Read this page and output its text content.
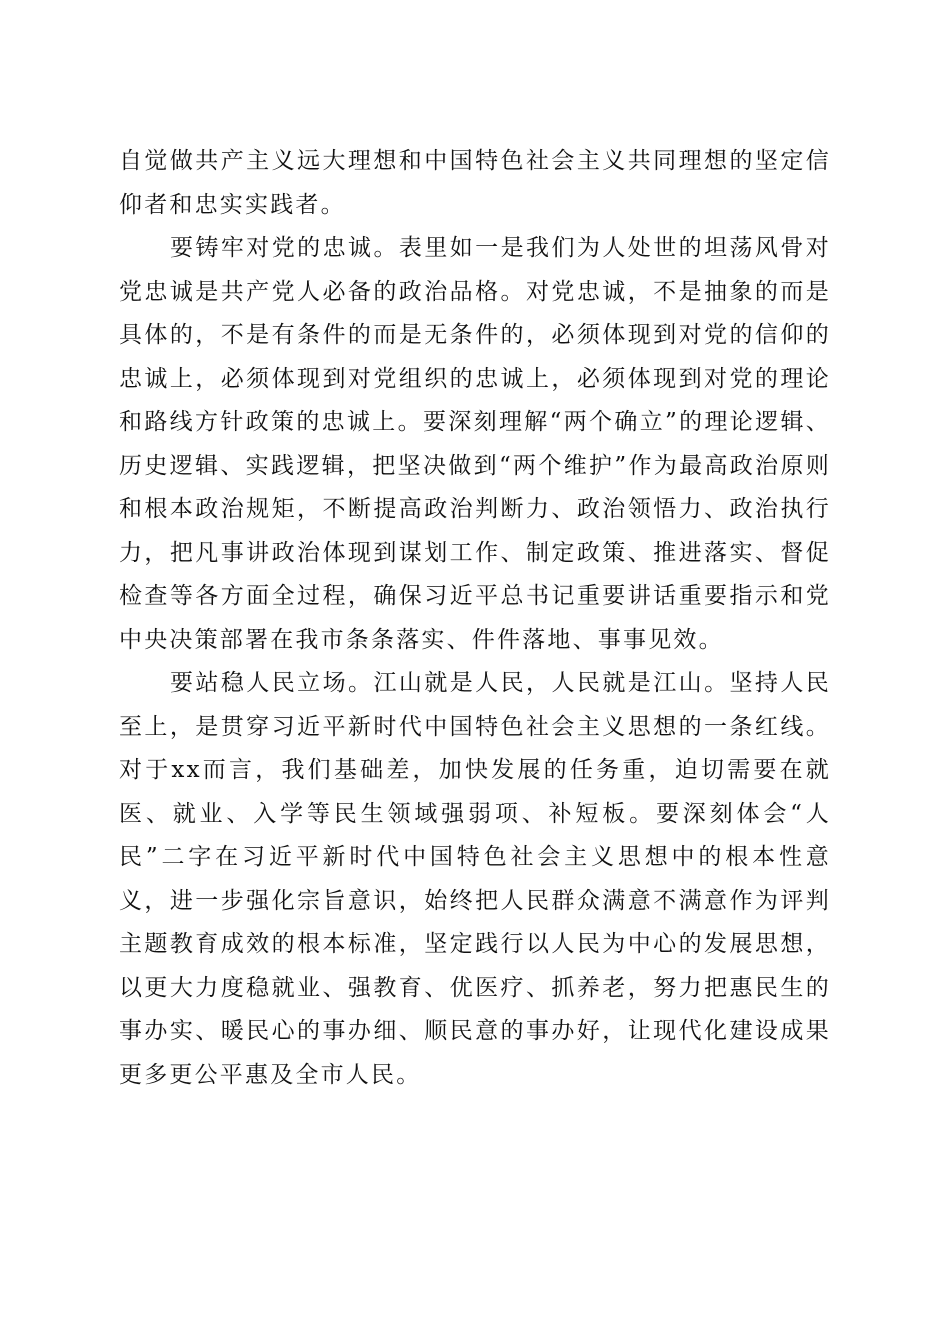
自觉做共产主义远大理想和中国特色社会主义共同理想的坚定信仰者和忠实实践者。

要铸牢对党的忠诚。表里如一是我们为人处世的坦荡风骨对党忠诚是共产党人必备的政治品格。对党忠诚，不是抽象的而是具体的，不是有条件的而是无条件的，必须体现到对党的信仰的忠诚上，必须体现到对党组织的忠诚上，必须体现到对党的理论和路线方针政策的忠诚上。要深刻理解“两个确立”的理论逻辑、历史逻辑、实践逻辑，把坚决做到“两个维护”作为最高政治原则和根本政治规矩，不断提高政治判断力、政治领悟力、政治执行力，把凡事讲政治体现到谋划工作、制定政策、推进落实、督促检查等各方面全过程，确保习近平总书记重要讲话重要指示和党中央决策部署在我市条条落实、件件落地、事事见效。

要站稳人民立场。江山就是人民，人民就是江山。坚持人民至上，是贯穿习近平新时代中国特色社会主义思想的一条红线。对于xx而言，我们基础差，加快发展的任务重，迫切需要在就医、就业、入学等民生领域强弱项、补短板。要深刻体会“人民”二字在习近平新时代中国特色社会主义思想中的根本性意义，进一步强化宗旨意识，始终把人民群众满意不满意作为评判主题教育成效的根本标准，坚定践行以人民为中心的发展思想，以更大力度稳就业、强教育、优医疗、抓养老，努力把惠民生的事办实、暖民心的事办细、顺民意的事办好，让现代化建设成果更多更公平惠及全市人民。
